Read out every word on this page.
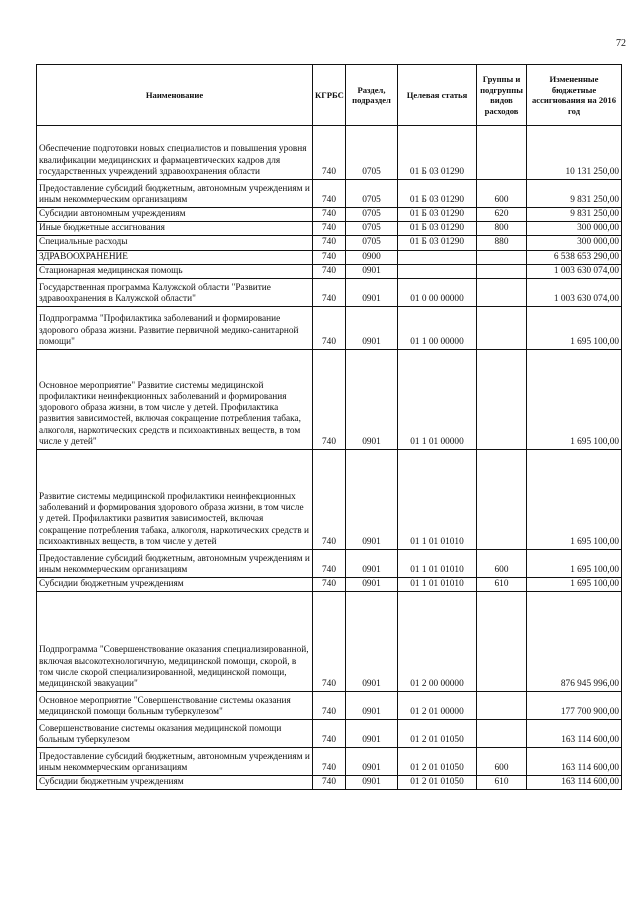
72
Наименование	КГРБС	Раздел, подраздел	Целевая статья	Группы и подгруппы видов расходов	Измененные бюджетные ассигнования на 2016 год
Обеспечение подготовки новых специалистов и повышения уровня квалификации медицинских и фармацевтических кадров для государственных учреждений здравоохранения области	740	0705	01 Б 03 01290		10 131 250,00
Предоставление субсидий бюджетным, автономным учреждениям и иным некоммерческим организациям	740	0705	01 Б 03 01290	600	9 831 250,00
Субсидии автономным учреждениям	740	0705	01 Б 03 01290	620	9 831 250,00
Иные бюджетные ассигнования	740	0705	01 Б 03 01290	800	300 000,00
Специальные расходы	740	0705	01 Б 03 01290	880	300 000,00
ЗДРАВООХРАНЕНИЕ	740	0900			6 538 653 290,00
Стационарная медицинская помощь	740	0901			1 003 630 074,00
Государственная программа Калужской области "Развитие здравоохранения в Калужской области"	740	0901	01 0 00 00000		1 003 630 074,00
Подпрограмма "Профилактика заболеваний и формирование здорового образа жизни. Развитие первичной медико-санитарной помощи"	740	0901	01 1 00 00000		1 695 100,00
Основное мероприятие" Развитие системы медицинской профилактики неинфекционных заболеваний и формирования здорового образа жизни, в том числе у детей. Профилактика развития зависимостей, включая сокращение потребления табака, алкоголя, наркотических средств и психоактивных веществ, в том числе у детей"	740	0901	01 1 01 00000		1 695 100,00
Развитие системы медицинской профилактики неинфекционных заболеваний и формирования здорового образа жизни, в том числе у детей. Профилактики развития зависимостей, включая сокращение потребления табака, алкоголя, наркотических средств и психоактивных веществ, в том числе у детей	740	0901	01 1 01 01010		1 695 100,00
Предоставление субсидий бюджетным, автономным учреждениям и иным некоммерческим организациям	740	0901	01 1 01 01010	600	1 695 100,00
Субсидии бюджетным учреждениям	740	0901	01 1 01 01010	610	1 695 100,00
Подпрограмма "Совершенствование оказания специализированной, включая высокотехнологичную, медицинской помощи, скорой, в том числе скорой специализированной, медицинской помощи, медицинской эвакуации"	740	0901	01 2 00 00000		876 945 996,00
Основное мероприятие "Совершенствование системы оказания медицинской помощи больным туберкулезом"	740	0901	01 2 01 00000		177 700 900,00
Совершенствование системы оказания медицинской помощи больным туберкулезом	740	0901	01 2 01 01050		163 114 600,00
Предоставление субсидий бюджетным, автономным учреждениям и иным некоммерческим организациям	740	0901	01 2 01 01050	600	163 114 600,00
Субсидии бюджетным учреждениям	740	0901	01 2 01 01050	610	163 114 600,00
